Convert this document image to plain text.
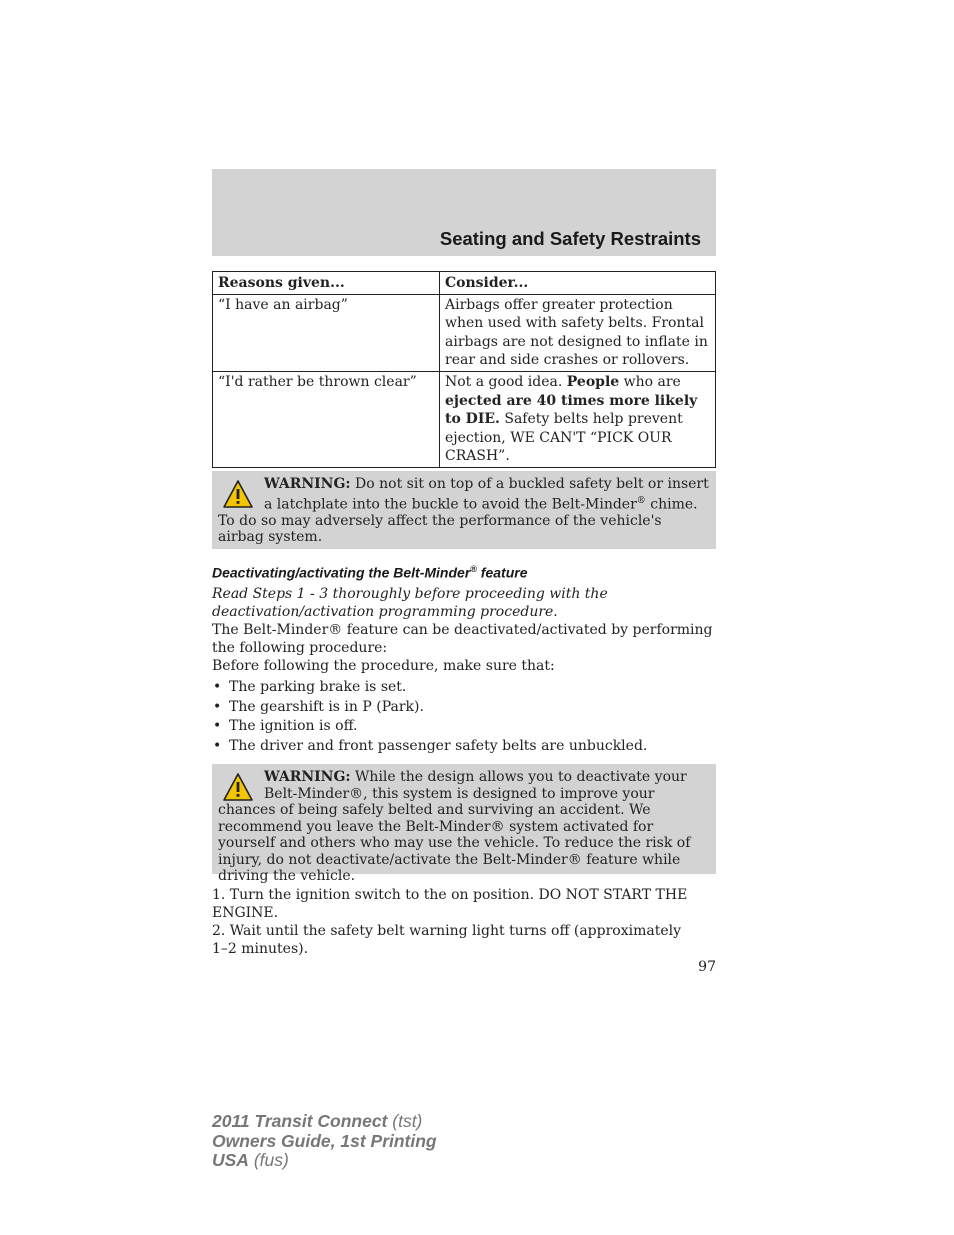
Seating and Safety Restraints
Reasons given...	Consider...
“I have an airbag”	Airbags offer greater protection when used with safety belts. Frontal airbags are not designed to inflate in rear and side crashes or rollovers.
“I'd rather be thrown clear”	Not a good idea. People who are ejected are 40 times more likely to DIE. Safety belts help prevent ejection, WE CAN'T “PICK OUR CRASH”.
WARNING: Do not sit on top of a buckled safety belt or insert a latchplate into the buckle to avoid the Belt-Minder® chime. To do so may adversely affect the performance of the vehicle's airbag system.
Deactivating/activating the Belt-Minder® feature
Read Steps 1 - 3 thoroughly before proceeding with the deactivation/activation programming procedure.
The Belt-Minder® feature can be deactivated/activated by performing the following procedure:
Before following the procedure, make sure that:
• The parking brake is set.
• The gearshift is in P (Park).
• The ignition is off.
• The driver and front passenger safety belts are unbuckled.
WARNING: While the design allows you to deactivate your Belt-Minder®, this system is designed to improve your chances of being safely belted and surviving an accident. We recommend you leave the Belt-Minder® system activated for yourself and others who may use the vehicle. To reduce the risk of injury, do not deactivate/activate the Belt-Minder® feature while driving the vehicle.
1. Turn the ignition switch to the on position. DO NOT START THE ENGINE.
2. Wait until the safety belt warning light turns off (approximately 1–2 minutes).
97
2011 Transit Connect (tst)
Owners Guide, 1st Printing
USA (fus)
